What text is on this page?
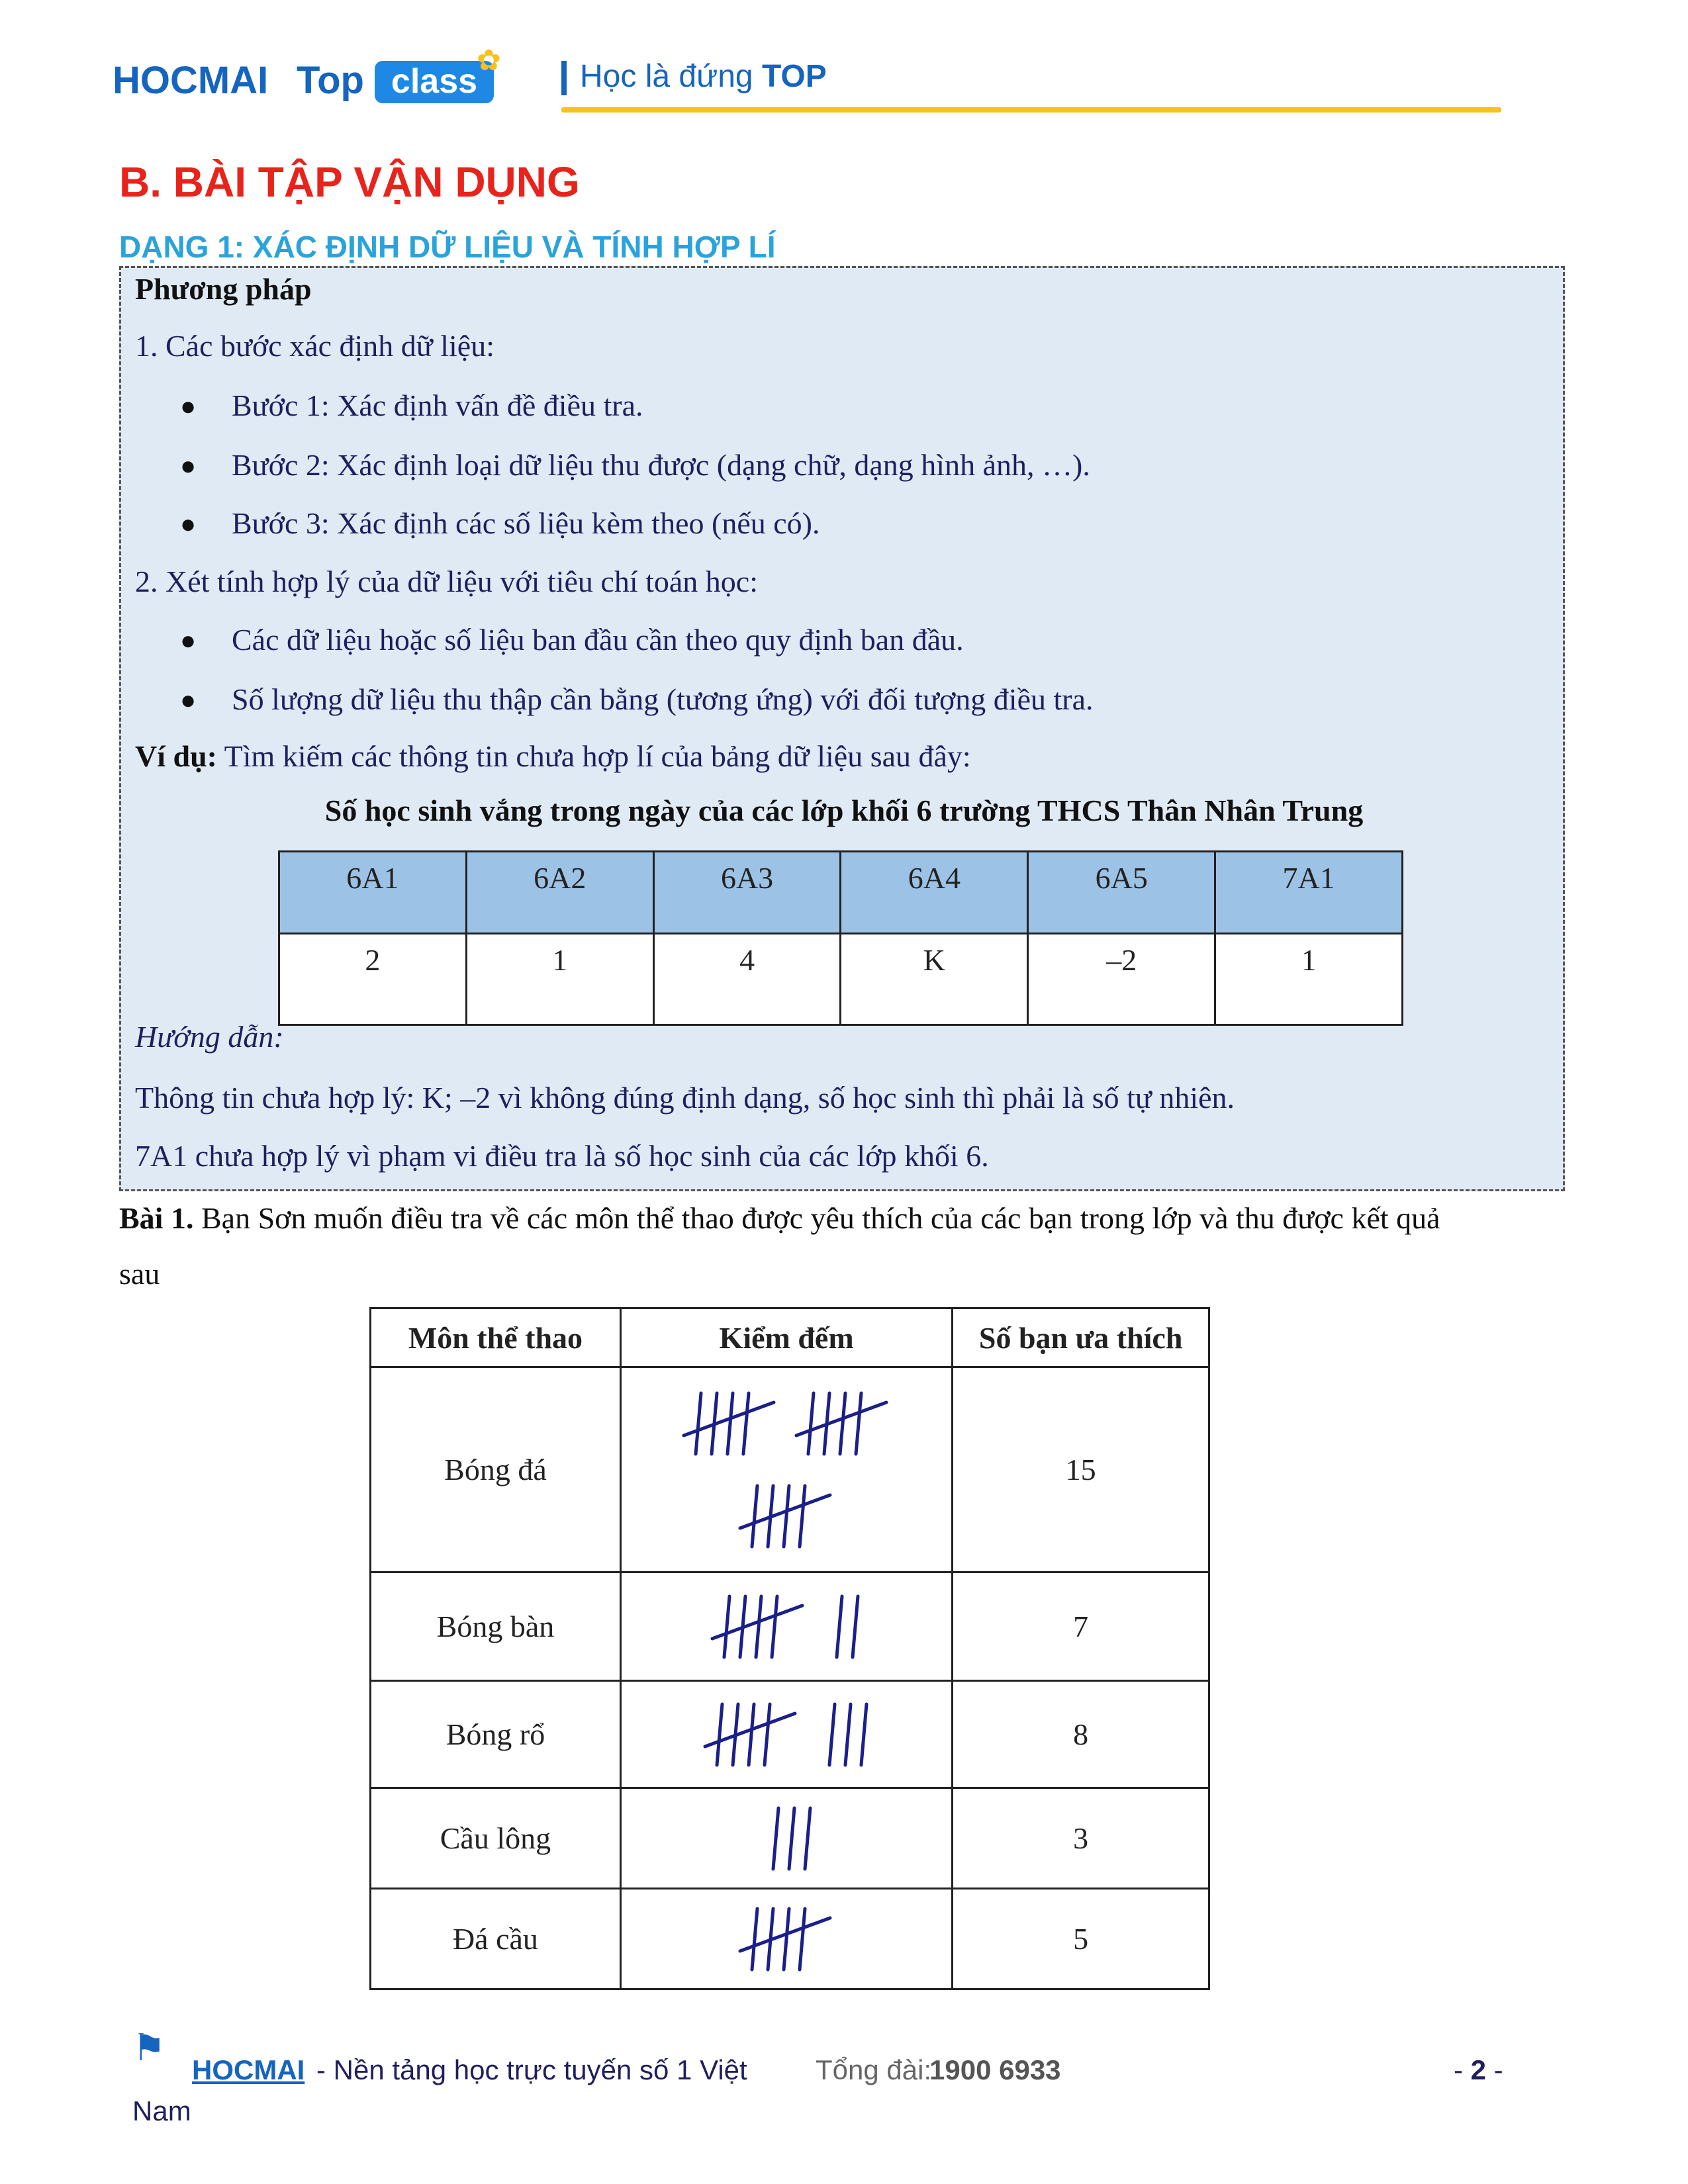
HOCMAI Top class
✿ Học là đứng TOP
B. BÀI TẬP VẬN DỤNG
DẠNG 1: XÁC ĐỊNH DỮ LIỆU VÀ TÍNH HỢP LÍ
Phương pháp
1. Các bước xác định dữ liệu:
● Bước 1: Xác định vấn đề điều tra.
● Bước 2: Xác định loại dữ liệu thu được (dạng chữ, dạng hình ảnh, …).
● Bước 3: Xác định các số liệu kèm theo (nếu có).
2. Xét tính hợp lý của dữ liệu với tiêu chí toán học:
● Các dữ liệu hoặc số liệu ban đầu cần theo quy định ban đầu.
● Số lượng dữ liệu thu thập cần bằng (tương ứng) với đối tượng điều tra.
Ví dụ: Tìm kiếm các thông tin chưa hợp lí của bảng dữ liệu sau đây:
Số học sinh vắng trong ngày của các lớp khối 6 trường THCS Thân Nhân Trung
6A1	6A2	6A3	6A4	6A5	7A1
2	1	4	K	–2	1
Hướng dẫn:
Thông tin chưa hợp lý: K; –2 vì không đúng định dạng, số học sinh thì phải là số tự nhiên.
7A1 chưa hợp lý vì phạm vi điều tra là số học sinh của các lớp khối 6.
Bài 1. Bạn Sơn muốn điều tra về các môn thể thao được yêu thích của các bạn trong lớp và thu được kết quả
sau
Môn thể thao	Kiểm đếm	Số bạn ưa thích
Bóng đá		15
Bóng bàn		7
Bóng rổ		8
Cầu lông		3
Đá cầu		5
⚑
HOCMAI - Nền tảng học trực tuyến số 1 Việt Tổng đài:
1900 6933	- 2 -
Nam
